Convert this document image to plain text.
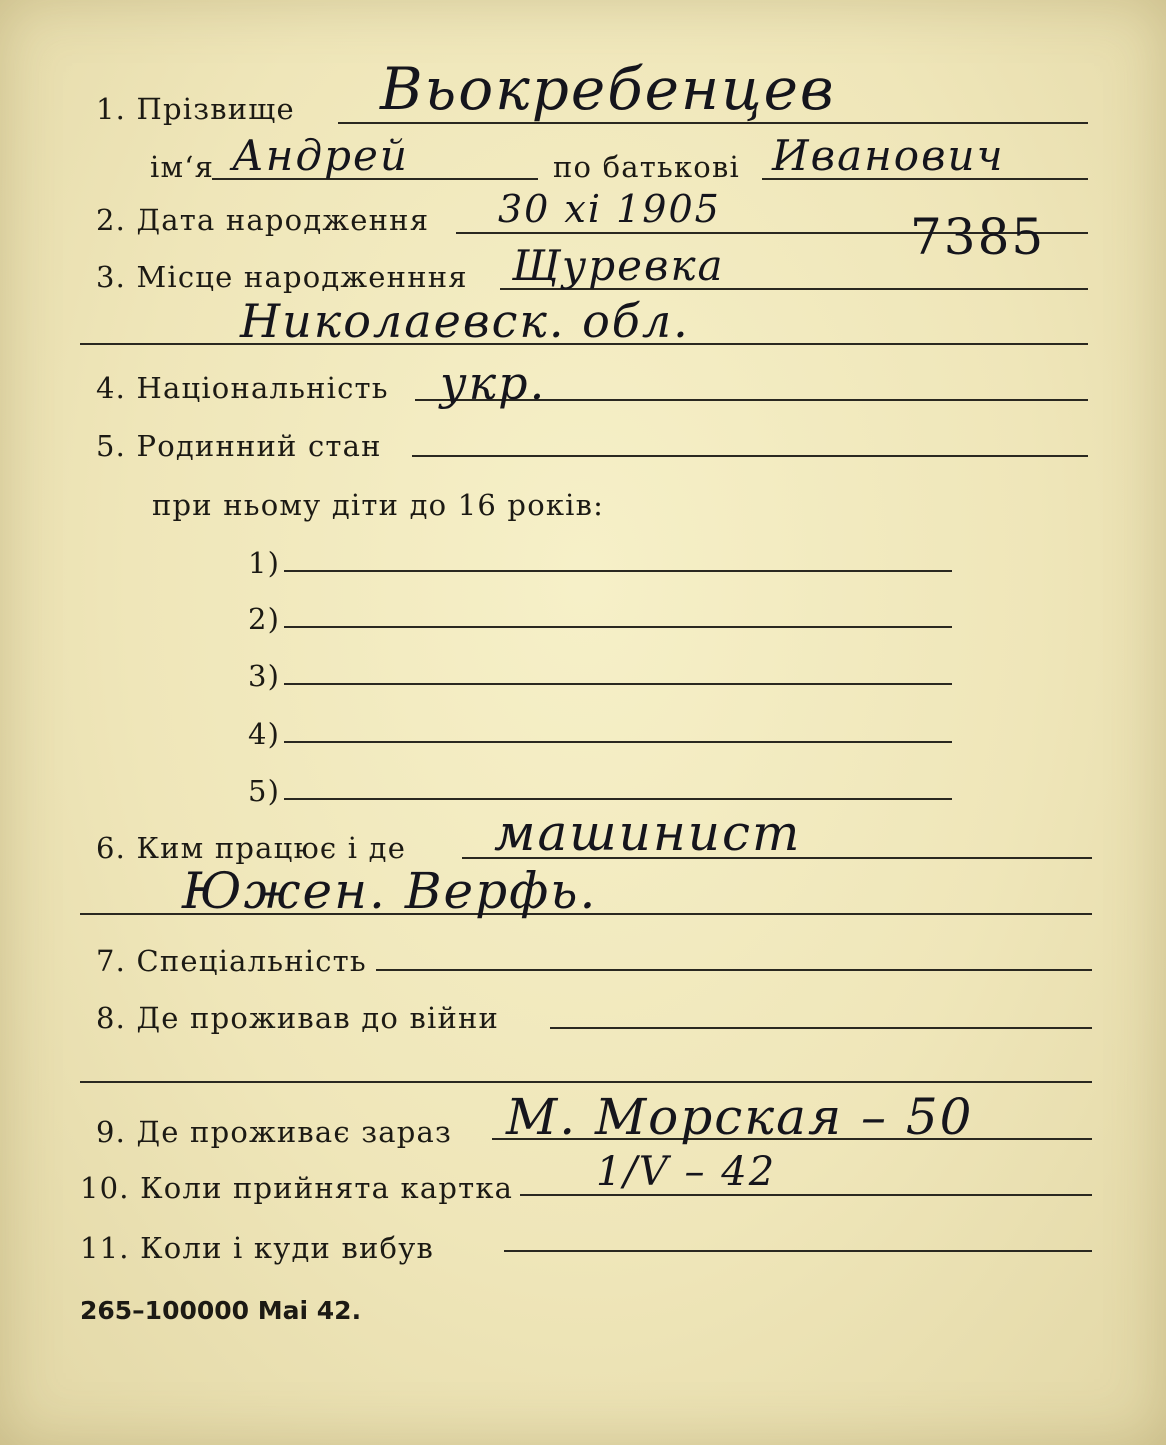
1. Прізвище Вьокребенцев
ім‘я Андрей	по батькові Иванович
2. Дата народження 30 хі 1905	7385
3. Місце народженння Щуревка
Николаевск. обл.
4. Національність укр.
5. Родинний стан
при ньому діти до 16 років:
1)
2)
3)
4)
5)
6. Ким працює і де машинист
Южен. Верфь.
7. Спеціальність
8. Де проживав до війни
9. Де проживає зараз М. Морская – 50
10. Коли прийнята картка 1/V – 42
11. Коли і куди вибув
265–100000 Mai 42.
